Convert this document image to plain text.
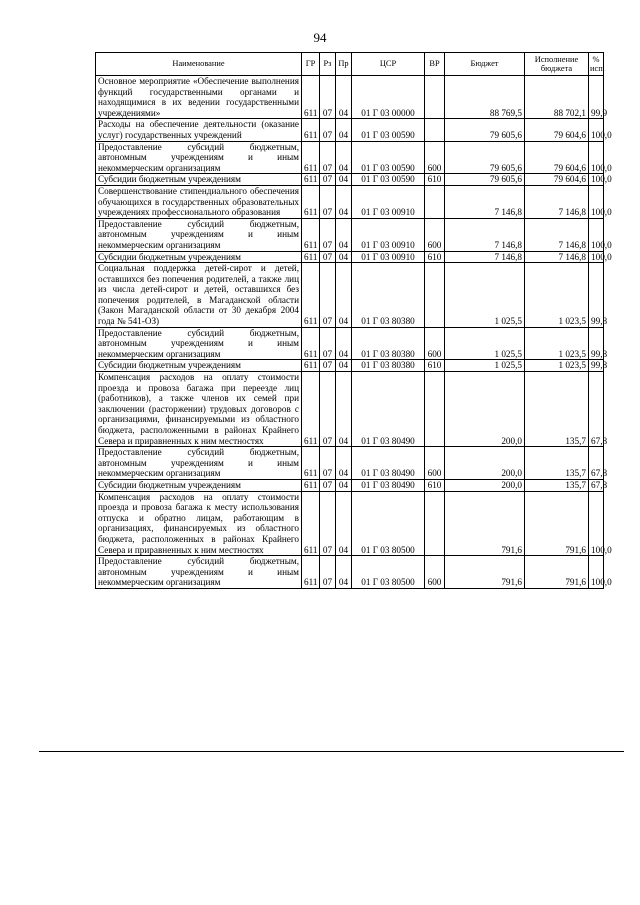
94
Наименование	ГР	Рз	Пр	ЦСР	ВР	Бюджет	Исполнение бюджета	% исп.
Основное мероприятие «Обеспечение выполнения функций государственными органами и находящимися в их ведении государственными учреждениями»	611	07	04	01 Г 03 00000		88 769,5	88 702,1	99,9
Расходы на обеспечение деятельности (оказание услуг) государственных учреждений	611	07	04	01 Г 03 00590		79 605,6	79 604,6	100,0
Предоставление субсидий бюджетным, автономным учреждениям и иным некоммерческим организациям	611	07	04	01 Г 03 00590	600	79 605,6	79 604,6	100,0
Субсидии бюджетным учреждениям	611	07	04	01 Г 03 00590	610	79 605,6	79 604,6	100,0
Совершенствование стипендиального обеспечения обучающихся в государственных образовательных учреждениях профессионального образования	611	07	04	01 Г 03 00910		7 146,8	7 146,8	100,0
Предоставление субсидий бюджетным, автономным учреждениям и иным некоммерческим организациям	611	07	04	01 Г 03 00910	600	7 146,8	7 146,8	100,0
Субсидии бюджетным учреждениям	611	07	04	01 Г 03 00910	610	7 146,8	7 146,8	100,0
Социальная поддержка детей-сирот и детей, оставшихся без попечения родителей, а также лиц из числа детей-сирот и детей, оставшихся без попечения родителей, в Магаданской области (Закон Магаданской области от 30 декабря 2004 года № 541-ОЗ)	611	07	04	01 Г 03 80380		1 025,5	1 023,5	99,8
Предоставление субсидий бюджетным, автономным учреждениям и иным некоммерческим организациям	611	07	04	01 Г 03 80380	600	1 025,5	1 023,5	99,8
Субсидии бюджетным учреждениям	611	07	04	01 Г 03 80380	610	1 025,5	1 023,5	99,8
Компенсация расходов на оплату стоимости проезда и провоза багажа при переезде лиц (работников), а также членов их семей при заключении (расторжении) трудовых договоров с организациями, финансируемыми из областного бюджета, расположенными в районах Крайнего Севера и приравненных к ним местностях	611	07	04	01 Г 03 80490		200,0	135,7	67,8
Предоставление субсидий бюджетным, автономным учреждениям и иным некоммерческим организациям	611	07	04	01 Г 03 80490	600	200,0	135,7	67,8
Субсидии бюджетным учреждениям	611	07	04	01 Г 03 80490	610	200,0	135,7	67,8
Компенсация расходов на оплату стоимости проезда и провоза багажа к месту использования отпуска и обратно лицам, работающим в организациях, финансируемых из областного бюджета, расположенных в районах Крайнего Севера и приравненных к ним местностях	611	07	04	01 Г 03 80500		791,6	791,6	100,0
Предоставление субсидий бюджетным, автономным учреждениям и иным некоммерческим организациям	611	07	04	01 Г 03 80500	600	791,6	791,6	100,0
